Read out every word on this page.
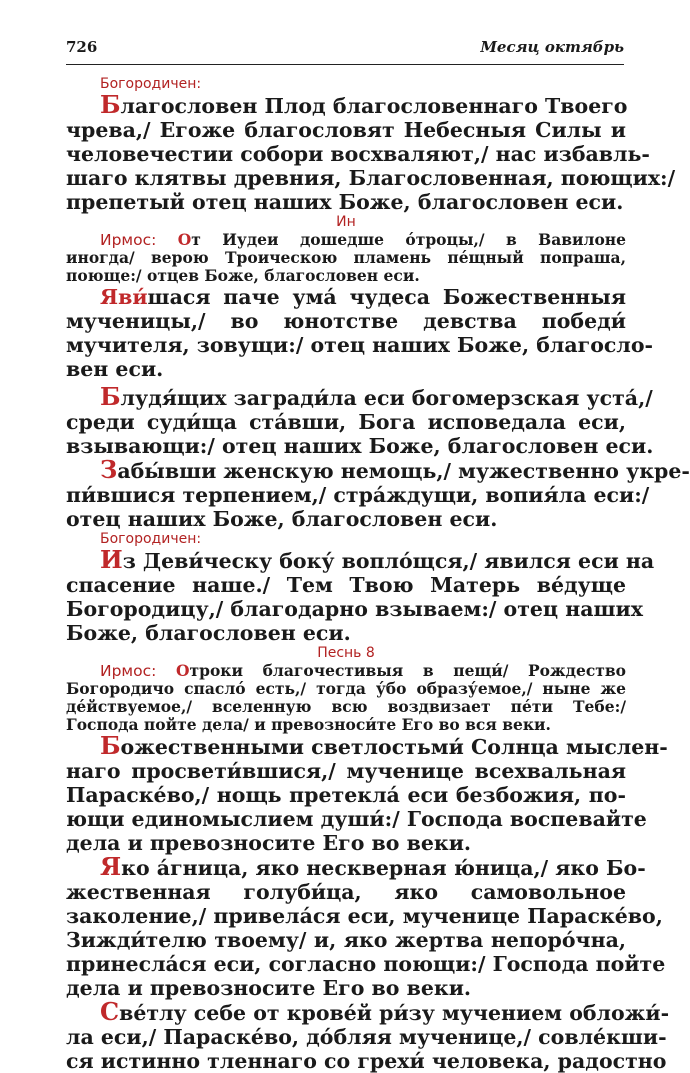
726	Месяц октябрь
Богородичен:
Благословен Плод благословеннаго Твоего
чрева,/ Егоже благословят Небесныя Силы и
человечестии собори восхваляют,/ нас избавль-
шаго клятвы древния, Благословенная, поющих:/
препетый отец наших Боже, благословен еси.
Ин
Ирмос: От Иудеи дошедше о́троцы,/ в Вавилоне
иногда/ верою Троическою пламень пе́щный попраша,
поюще:/ отцев Боже, благословен еси.
Яви́шася паче ума́ чудеса Божественныя
мученицы,/ во юнотстве девства победи́
мучителя, зовущи:/ отец наших Боже, благосло-
вен еси.
Блудя́щих загради́ла еси богомерзская уста́,/
среди суди́ща ста́вши, Бога исповедала еси,
взывающи:/ отец наших Боже, благословен еси.
Забы́вши женскую немощь,/ мужественно укре-
пи́вшися терпением,/ стра́ждущи, вопия́ла еси:/
отец наших Боже, благословен еси.
Богородичен:
Из Деви́ческу боку́ вопло́щся,/ явился еси на
спасение наше./ Тем Твою Матерь ве́дуще
Богородицу,/ благодарно взываем:/ отец наших
Боже, благословен еси.
Песнь 8
Ирмос: Отроки благочестивыя в пещи́/ Рождество
Богородичо спасло́ есть,/ тогда у́бо образу́емое,/ ныне же
де́йствуемое,/ вселенную всю воздвизает пе́ти Тебе:/
Господа пойте дела/ и превозноси́те Его во вся веки.
Божественными светлостьми́ Солнца мыслен-
наго просвети́вшися,/ мученице всехвальная
Параске́во,/ нощь претекла́ еси безбожия, по-
ющи единомыслием души́:/ Господа воспевайте
дела и превозносите Его во веки.
Яко а́гница, яко нескверная ю́ница,/ яко Бо-
жественная голуби́ца, яко самовольное
заколение,/ привела́ся еси, мученице Параске́во,
Зижди́телю твоему/ и, яко жертва непоро́чна,
принесла́ся еси, согласно поющи:/ Господа пойте
дела и превозносите Его во веки.
Све́тлу себе от крове́й ри́зу мучением обложи́-
ла еси,/ Параске́во, до́бляя мученице,/ совле́кши-
ся истинно тленнаго со грехи́ человека, радостно
